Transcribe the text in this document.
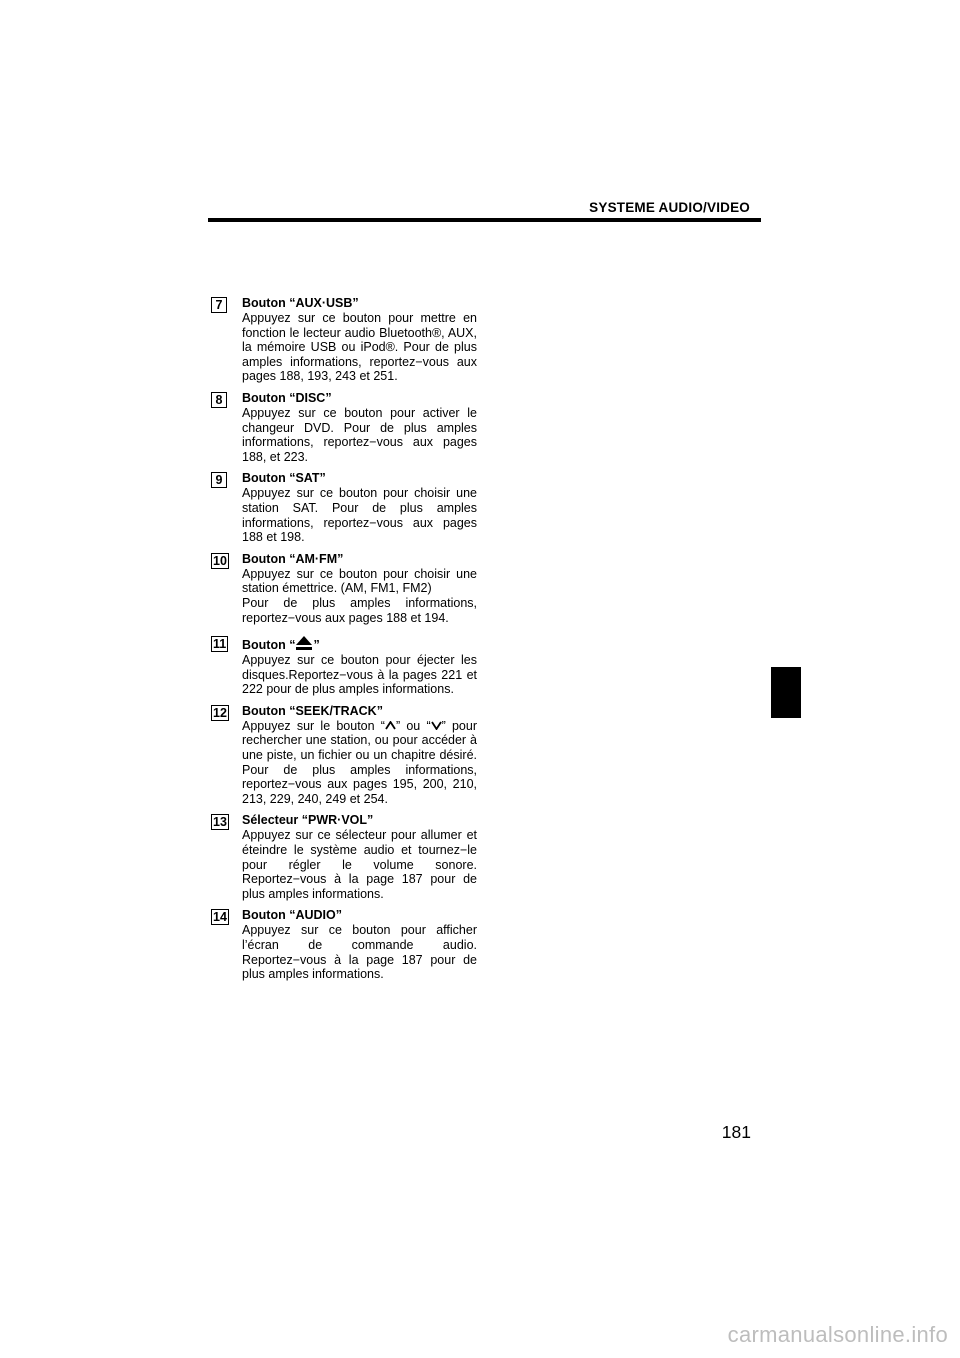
SYSTEME AUDIO/VIDEO
7	Bouton “AUX·USB”
Appuyez sur ce bouton pour mettre en fonction le lecteur audio Bluetooth®, AUX, la mémoire USB ou iPod®. Pour de plus amples informations, reportez−vous aux pages 188, 193, 243 et 251.
8	Bouton “DISC”
Appuyez sur ce bouton pour activer le changeur DVD. Pour de plus amples informations, reportez−vous aux pages 188, et 223.
9	Bouton “SAT”
Appuyez sur ce bouton pour choisir une station SAT. Pour de plus amples informations, reportez−vous aux pages 188 et 198.
10 Bouton “AM·FM”
Appuyez sur ce bouton pour choisir une station émettrice. (AM, FM1, FM2)
Pour de plus amples informations, reportez−vous aux pages 188 et 194.
11 Bouton “ ”
Appuyez sur ce bouton pour éjecter les disques.Reportez−vous à la pages 221 et 222 pour de plus amples informations.
12 Bouton “SEEK/TRACK”
Appuyez sur le bouton “ ” ou “ ” pour rechercher une station, ou pour accéder à une piste, un fichier ou un chapitre désiré. Pour de plus amples informations, reportez−vous aux pages 195, 200, 210, 213, 229, 240, 249 et 254.
13 Sélecteur “PWR·VOL”
Appuyez sur ce sélecteur pour allumer et éteindre le système audio et tournez−le pour régler le volume sonore. Reportez−vous à la page 187 pour de plus amples informations.
14 Bouton “AUDIO”
Appuyez sur ce bouton pour afficher l’écran de commande audio. Reportez−vous à la page 187 pour de plus amples informations.
181
carmanualsonline.info
